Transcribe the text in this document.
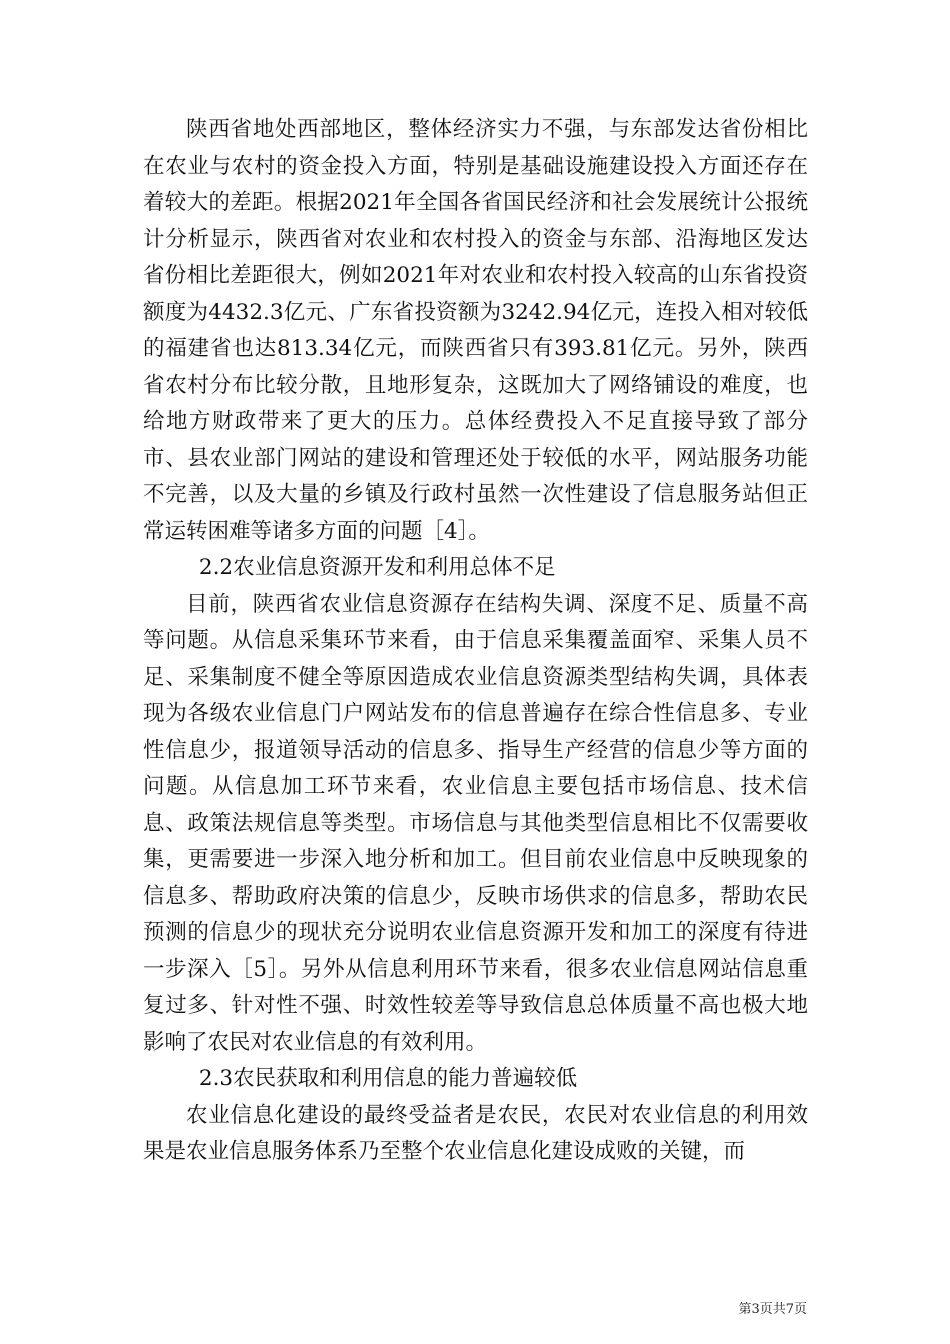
陕西省地处西部地区，整体经济实力不强，与东部发达省份相比在农业与农村的资金投入方面，特别是基础设施建设投入方面还存在着较大的差距。根据2021年全国各省国民经济和社会发展统计公报统计分析显示，陕西省对农业和农村投入的资金与东部、沿海地区发达省份相比差距很大，例如2021年对农业和农村投入较高的山东省投资额度为4432.3亿元、广东省投资额为3242.94亿元，连投入相对较低的福建省也达813.34亿元，而陕西省只有393.81亿元。另外，陕西省农村分布比较分散，且地形复杂，这既加大了网络铺设的难度，也给地方财政带来了更大的压力。总体经费投入不足直接导致了部分市、县农业部门网站的建设和管理还处于较低的水平，网站服务功能不完善，以及大量的乡镇及行政村虽然一次性建设了信息服务站但正常运转困难等诸多方面的问题［4］。

2.2农业信息资源开发和利用总体不足

目前，陕西省农业信息资源存在结构失调、深度不足、质量不高等问题。从信息采集环节来看，由于信息采集覆盖面窄、采集人员不足、采集制度不健全等原因造成农业信息资源类型结构失调，具体表现为各级农业信息门户网站发布的信息普遍存在综合性信息多、专业性信息少，报道领导活动的信息多、指导生产经营的信息少等方面的问题。从信息加工环节来看，农业信息主要包括市场信息、技术信息、政策法规信息等类型。市场信息与其他类型信息相比不仅需要收集，更需要进一步深入地分析和加工。但目前农业信息中反映现象的信息多、帮助政府决策的信息少，反映市场供求的信息多，帮助农民预测的信息少的现状充分说明农业信息资源开发和加工的深度有待进一步深入［5］。另外从信息利用环节来看，很多农业信息网站信息重复过多、针对性不强、时效性较差等导致信息总体质量不高也极大地影响了农民对农业信息的有效利用。

2.3农民获取和利用信息的能力普遍较低

农业信息化建设的最终受益者是农民，农民对农业信息的利用效果是农业信息服务体系乃至整个农业信息化建设成败的关键，而

第3页共7页
